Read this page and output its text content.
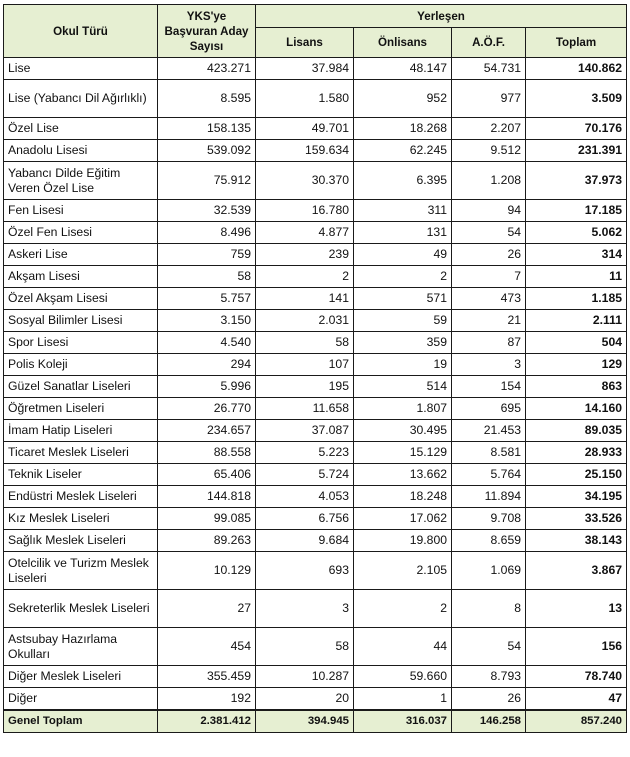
Okul Türü	YKS'ye Başvuran Aday Sayısı	Yerleşen			
		Lisans	Önlisans	A.Ö.F.	Toplam
Lise	423.271	37.984	48.147	54.731	140.862
Lise (Yabancı Dil Ağırlıklı)	8.595	1.580	952	977	3.509
Özel Lise	158.135	49.701	18.268	2.207	70.176
Anadolu Lisesi	539.092	159.634	62.245	9.512	231.391
Yabancı Dilde Eğitim Veren Özel Lise	75.912	30.370	6.395	1.208	37.973
Fen Lisesi	32.539	16.780	311	94	17.185
Özel Fen Lisesi	8.496	4.877	131	54	5.062
Askeri Lise	759	239	49	26	314
Akşam Lisesi	58	2	2	7	11
Özel Akşam Lisesi	5.757	141	571	473	1.185
Sosyal Bilimler Lisesi	3.150	2.031	59	21	2.111
Spor Lisesi	4.540	58	359	87	504
Polis Koleji	294	107	19	3	129
Güzel Sanatlar Liseleri	5.996	195	514	154	863
Öğretmen Liseleri	26.770	11.658	1.807	695	14.160
İmam Hatip Liseleri	234.657	37.087	30.495	21.453	89.035
Ticaret Meslek Liseleri	88.558	5.223	15.129	8.581	28.933
Teknik Liseler	65.406	5.724	13.662	5.764	25.150
Endüstri Meslek Liseleri	144.818	4.053	18.248	11.894	34.195
Kız Meslek Liseleri	99.085	6.756	17.062	9.708	33.526
Sağlık Meslek Liseleri	89.263	9.684	19.800	8.659	38.143
Otelcilik ve Turizm Meslek Liseleri	10.129	693	2.105	1.069	3.867
Sekreterlik Meslek Liseleri	27	3	2	8	13
Astsubay Hazırlama Okulları	454	58	44	54	156
Diğer Meslek Liseleri	355.459	10.287	59.660	8.793	78.740
Diğer	192	20	1	26	47
Genel Toplam	2.381.412	394.945	316.037	146.258	857.240
